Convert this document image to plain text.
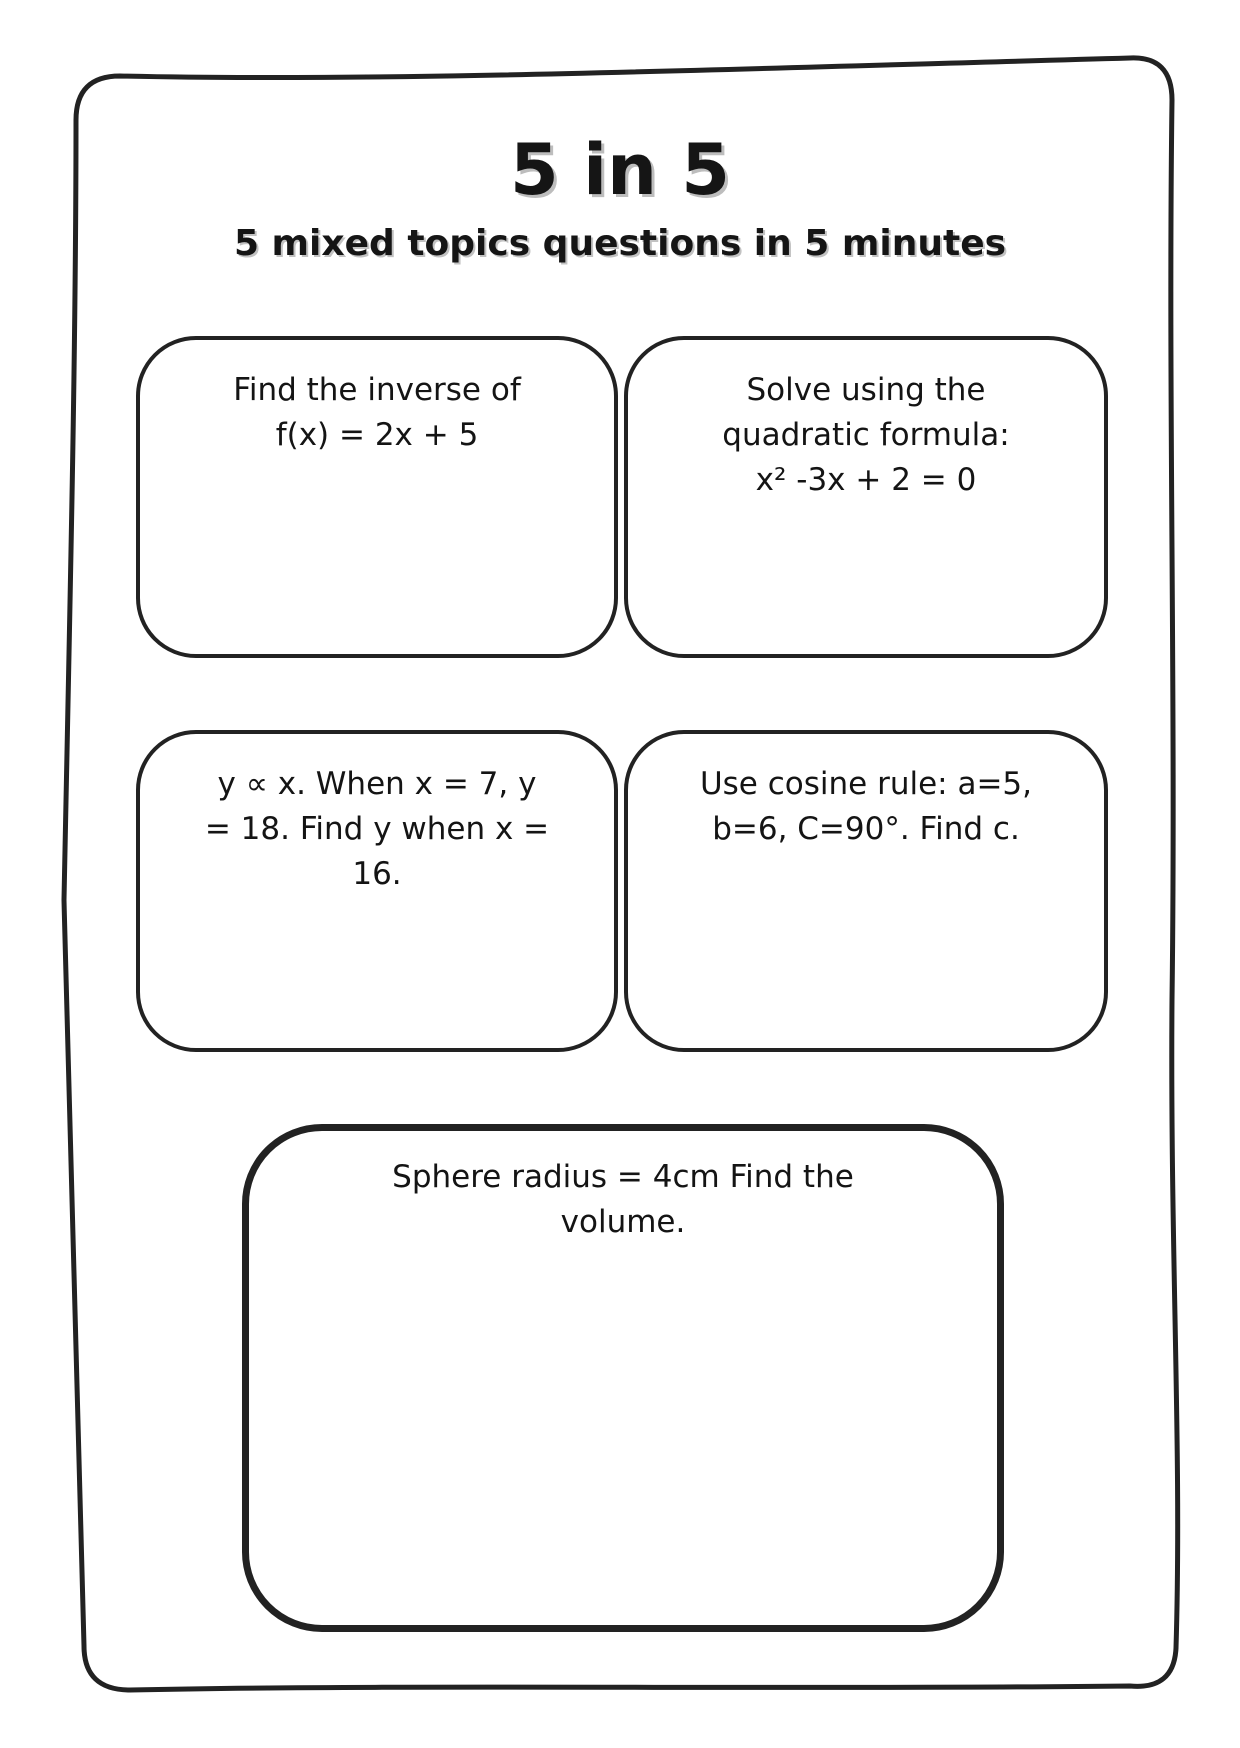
5 in 5
5 mixed topics questions in 5 minutes

Find the inverse of
f(x) = 2x + 5

Solve using the
quadratic formula:
x² -3x + 2 = 0

y ∝ x. When x = 7, y
= 18. Find y when x =
16.

Use cosine rule: a=5,
b=6, C=90°. Find c.

Sphere radius = 4cm Find the
volume.
